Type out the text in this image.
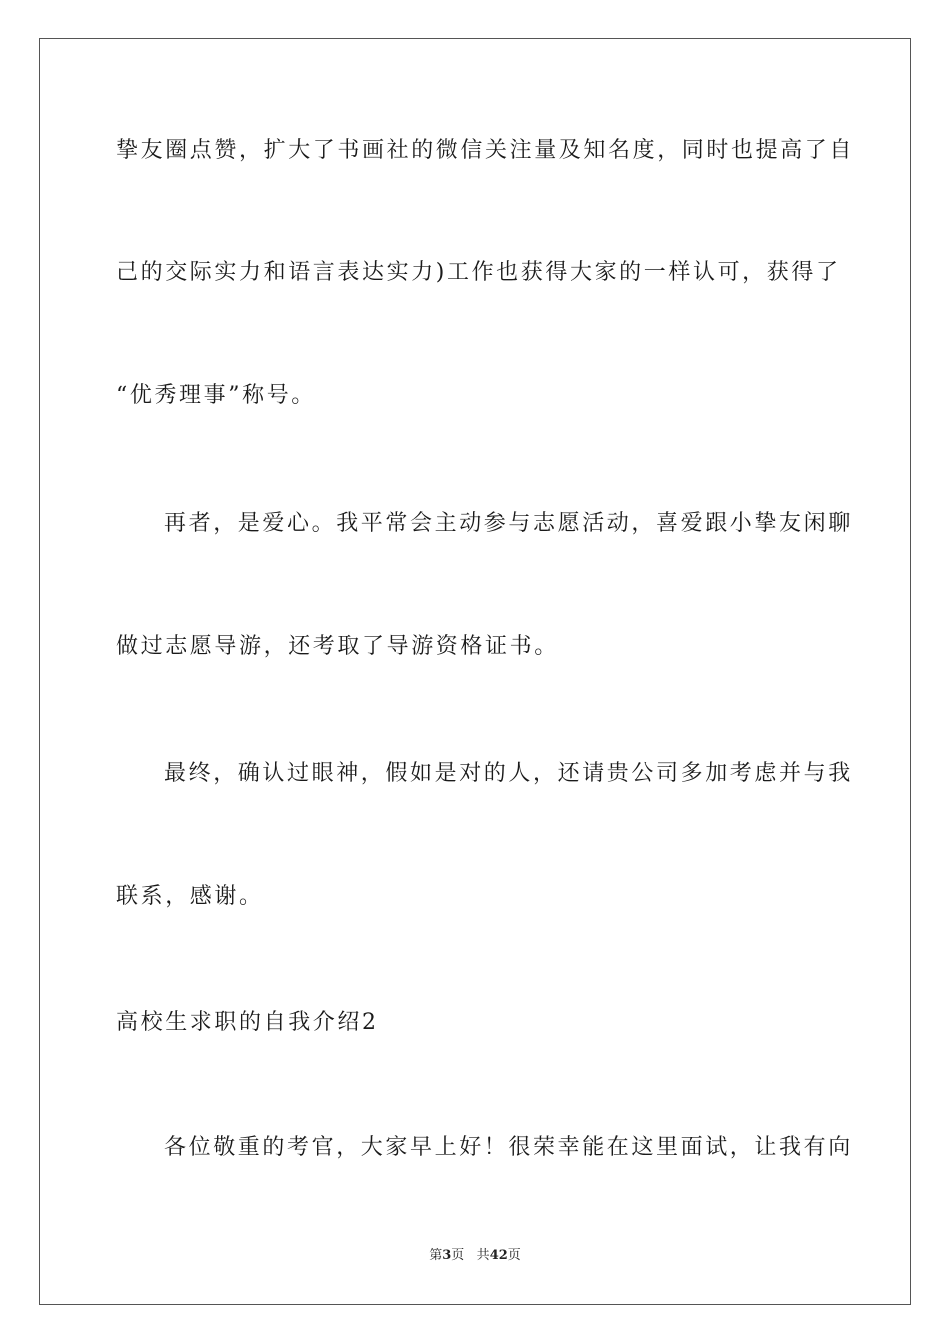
挚友圈点赞，扩大了书画社的微信关注量及知名度，同时也提高了自
己的交际实力和语言表达实力)工作也获得大家的一样认可，获得了
“优秀理事”称号。
再者，是爱心。我平常会主动参与志愿活动，喜爱跟小挚友闲聊
做过志愿导游，还考取了导游资格证书。
最终，确认过眼神，假如是对的人，还请贵公司多加考虑并与我
联系，感谢。
高校生求职的自我介绍2
各位敬重的考官，大家早上好！很荣幸能在这里面试，让我有向
第3页 共42页
